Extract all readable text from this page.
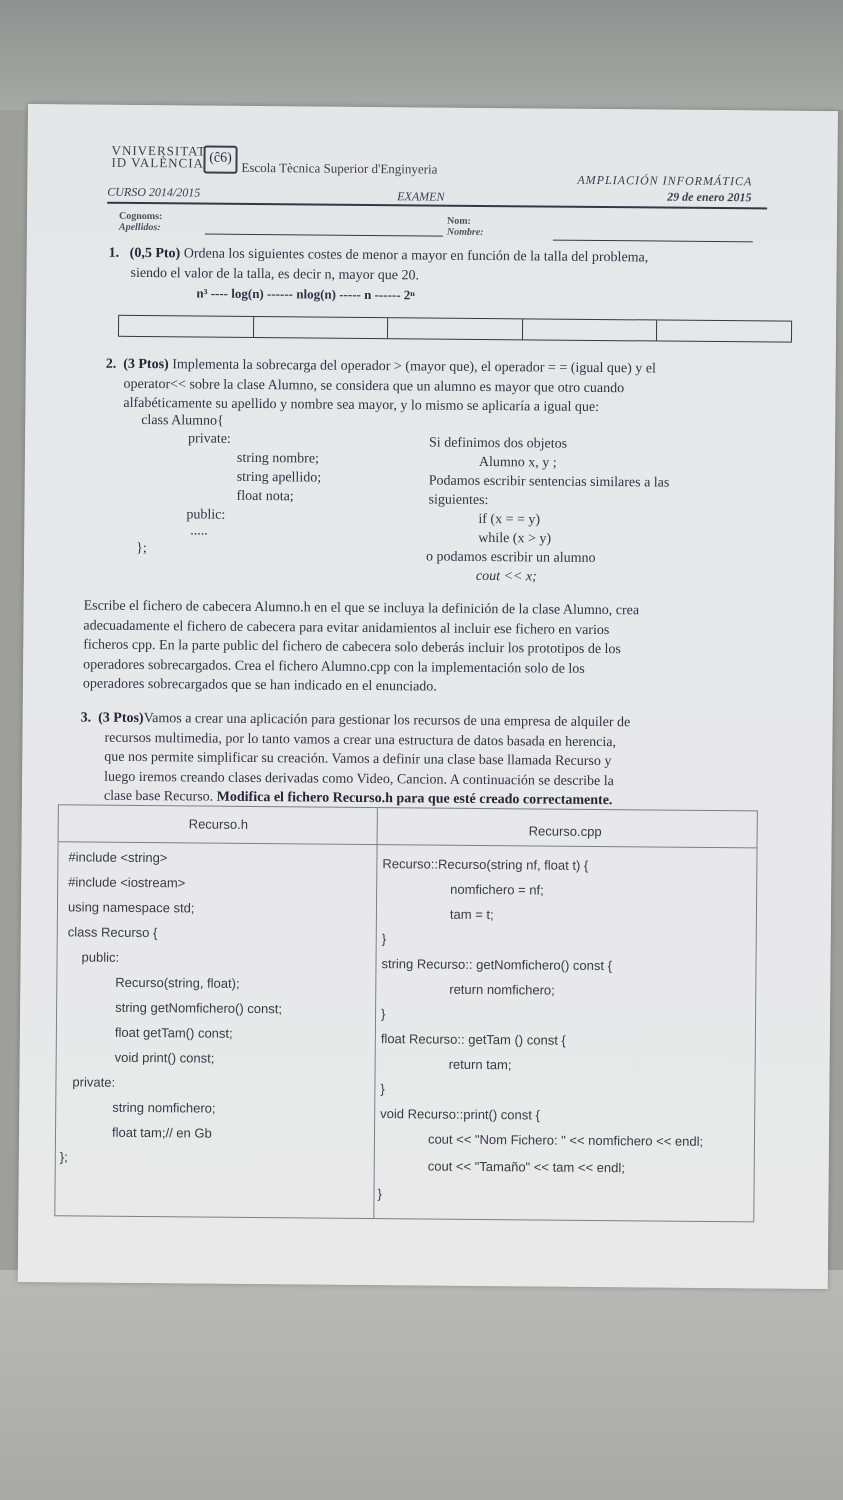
VNIVERSITAT
ID VALÈNCIA (ĉ6)
Escola Tècnica Superior d'Enginyeria
AMPLIACIÓN INFORMÁTICA
CURSO 2014/2015	EXAMEN	29 de enero 2015
Cognoms:
Apellidos:
Nom:
Nombre:
1. (0,5 Pto) Ordena los siguientes costes de menor a mayor en función de la talla del problema,
siendo el valor de la talla, es decir n, mayor que 20.
n³ ---- log(n) ------ nlog(n) ----- n ------ 2ⁿ
2. (3 Ptos) Implementa la sobrecarga del operador > (mayor que), el operador = = (igual que) y el
operator<< sobre la clase Alumno, se considera que un alumno es mayor que otro cuando
alfabéticamente su apellido y nombre sea mayor, y lo mismo se aplicaría a igual que:
class Alumno{
private:
string nombre;
string apellido;
float nota;
public:
.....
};
Si definimos dos objetos
Alumno x, y ;
Podamos escribir sentencias similares a las
siguientes:
if (x = = y)
while (x > y)
o podamos escribir un alumno
cout << x;
Escribe el fichero de cabecera Alumno.h en el que se incluya la definición de la clase Alumno, crea
adecuadamente el fichero de cabecera para evitar anidamientos al incluir ese fichero en varios
ficheros cpp. En la parte public del fichero de cabecera solo deberás incluir los prototipos de los
operadores sobrecargados. Crea el fichero Alumno.cpp con la implementación solo de los
operadores sobrecargados que se han indicado en el enunciado.
3. (3 Ptos)Vamos a crear una aplicación para gestionar los recursos de una empresa de alquiler de
recursos multimedia, por lo tanto vamos a crear una estructura de datos basada en herencia,
que nos permite simplificar su creación. Vamos a definir una clase base llamada Recurso y
luego iremos creando clases derivadas como Video, Cancion. A continuación se describe la
clase base Recurso. Modifica el fichero Recurso.h para que esté creado correctamente.
Recurso.h	Recurso.cpp
#include <string>
#include <iostream>
using namespace std;
class Recurso {
public:
Recurso(string, float);
string getNomfichero() const;
float getTam() const;
void print() const;
private:
string nomfichero;
float tam;// en Gb
};
Recurso::Recurso(string nf, float t) {
nomfichero = nf;
tam = t;
}
string Recurso:: getNomfichero() const {
return nomfichero;
}
float Recurso:: getTam () const {
return tam;
}
void Recurso::print() const {
cout << "Nom Fichero: " << nomfichero << endl;
cout << "Tamaño" << tam << endl;
}
